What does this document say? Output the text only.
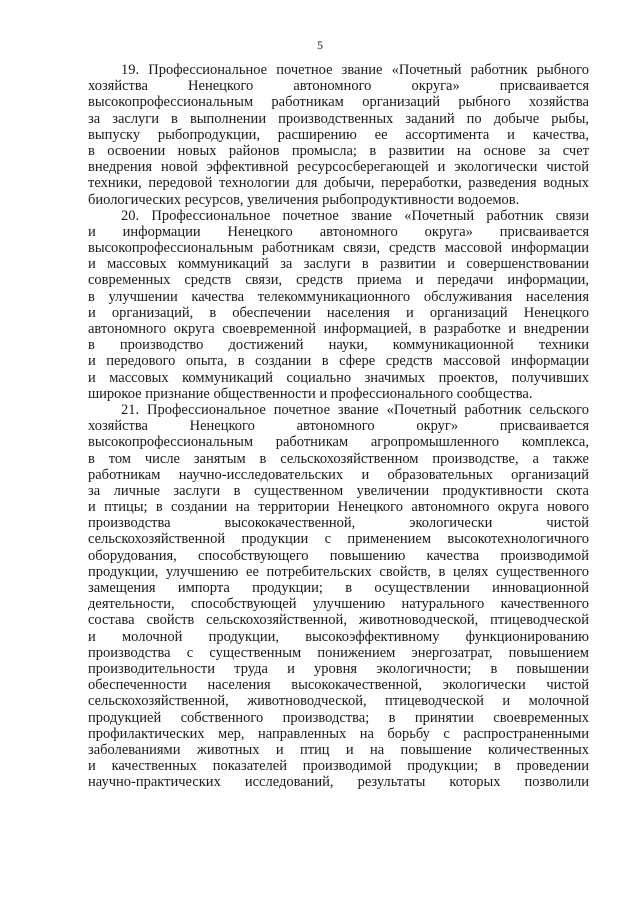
5
19. Профессиональное почетное звание «Почетный работник рыбного
хозяйства Ненецкого автономного округа» присваивается
высокопрофессиональным работникам организаций рыбного хозяйства
за заслуги в выполнении производственных заданий по добыче рыбы,
выпуску рыбопродукции, расширению ее ассортимента и качества,
в освоении новых районов промысла; в развитии на основе за счет
внедрения новой эффективной ресурсосберегающей и экологически чистой
техники, передовой технологии для добычи, переработки, разведения водных
биологических ресурсов, увеличения рыбопродуктивности водоемов.
20. Профессиональное почетное звание «Почетный работник связи
и информации Ненецкого автономного округа» присваивается
высокопрофессиональным работникам связи, средств массовой информации
и массовых коммуникаций за заслуги в развитии и совершенствовании
современных средств связи, средств приема и передачи информации,
в улучшении качества телекоммуникационного обслуживания населения
и организаций, в обеспечении населения и организаций Ненецкого
автономного округа своевременной информацией, в разработке и внедрении
в производство достижений науки, коммуникационной техники
и передового опыта, в создании в сфере средств массовой информации
и массовых коммуникаций социально значимых проектов, получивших
широкое признание общественности и профессионального сообщества.
21. Профессиональное почетное звание «Почетный работник сельского
хозяйства Ненецкого автономного округ» присваивается
высокопрофессиональным работникам агропромышленного комплекса,
в том числе занятым в сельскохозяйственном производстве, а также
работникам научно-исследовательских и образовательных организаций
за личные заслуги в существенном увеличении продуктивности скота
и птицы; в создании на территории Ненецкого автономного округа нового
производства высококачественной, экологически чистой
сельскохозяйственной продукции с применением высокотехнологичного
оборудования, способствующего повышению качества производимой
продукции, улучшению ее потребительских свойств, в целях существенного
замещения импорта продукции; в осуществлении инновационной
деятельности, способствующей улучшению натурального качественного
состава свойств сельскохозяйственной, животноводческой, птицеводческой
и молочной продукции, высокоэффективному функционированию
производства с существенным понижением энергозатрат, повышением
производительности труда и уровня экологичности; в повышении
обеспеченности населения высококачественной, экологически чистой
сельскохозяйственной, животноводческой, птицеводческой и молочной
продукцией собственного производства; в принятии своевременных
профилактических мер, направленных на борьбу с распространенными
заболеваниями животных и птиц и на повышение количественных
и качественных показателей производимой продукции; в проведении
научно-практических исследований, результаты которых позволили
